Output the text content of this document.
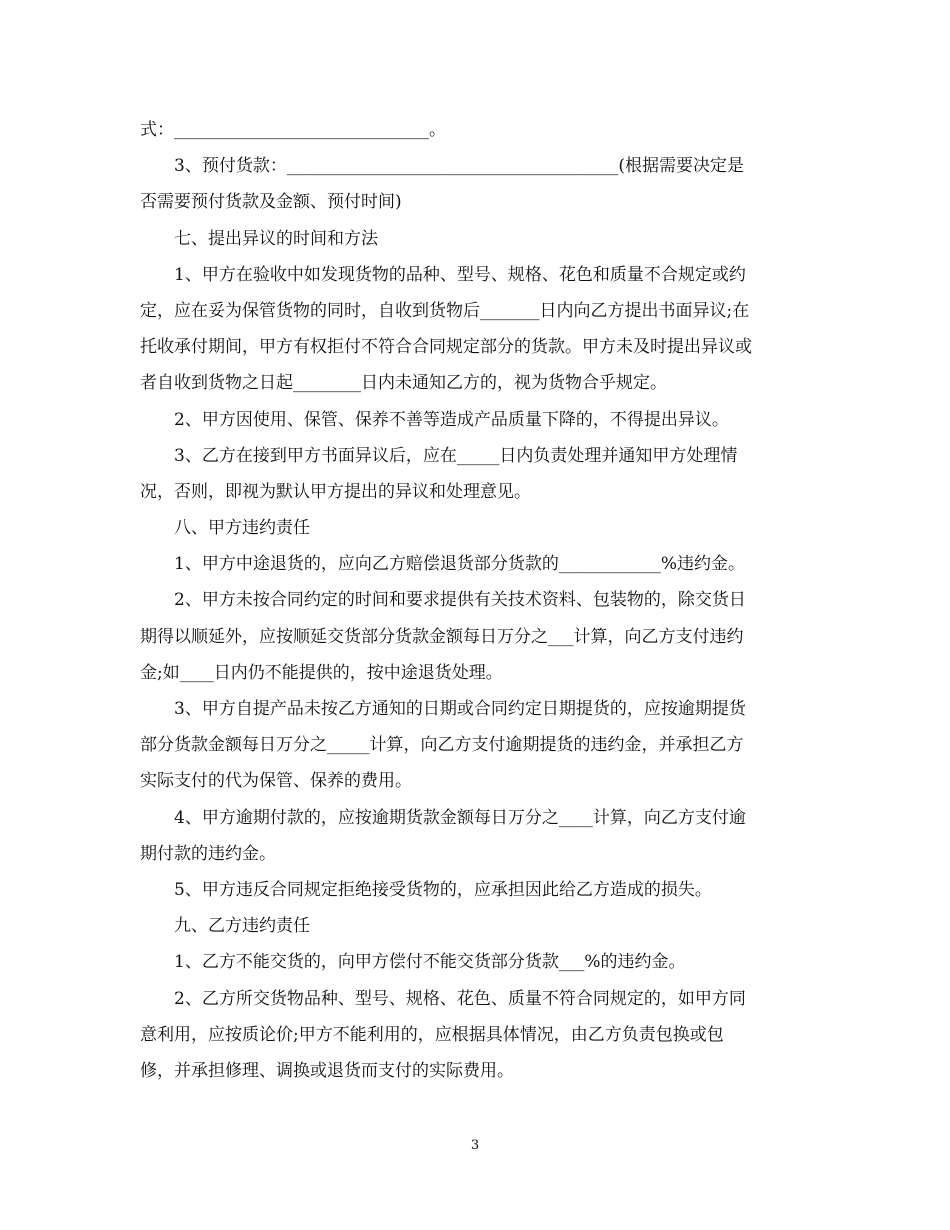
式：______________________________。
3、预付货款：_______________________________________(根据需要决定是
否需要预付货款及金额、预付时间)
七、提出异议的时间和方法
1、甲方在验收中如发现货物的品种、型号、规格、花色和质量不合规定或约
定，应在妥为保管货物的同时，自收到货物后_______日内向乙方提出书面异议;在
托收承付期间，甲方有权拒付不符合合同规定部分的货款。甲方未及时提出异议或
者自收到货物之日起________日内未通知乙方的，视为货物合乎规定。
2、甲方因使用、保管、保养不善等造成产品质量下降的，不得提出异议。
3、乙方在接到甲方书面异议后，应在_____日内负责处理并通知甲方处理情
况，否则，即视为默认甲方提出的异议和处理意见。
八、甲方违约责任
1、甲方中途退货的，应向乙方赔偿退货部分货款的____________%违约金。
2、甲方未按合同约定的时间和要求提供有关技术资料、包装物的，除交货日
期得以顺延外，应按顺延交货部分货款金额每日万分之___计算，向乙方支付违约
金;如____日内仍不能提供的，按中途退货处理。
3、甲方自提产品未按乙方通知的日期或合同约定日期提货的，应按逾期提货
部分货款金额每日万分之_____计算，向乙方支付逾期提货的违约金，并承担乙方
实际支付的代为保管、保养的费用。
4、甲方逾期付款的，应按逾期货款金额每日万分之____计算，向乙方支付逾
期付款的违约金。
5、甲方违反合同规定拒绝接受货物的，应承担因此给乙方造成的损失。
九、乙方违约责任
1、乙方不能交货的，向甲方偿付不能交货部分货款___%的违约金。
2、乙方所交货物品种、型号、规格、花色、质量不符合同规定的，如甲方同
意利用，应按质论价;甲方不能利用的，应根据具体情况，由乙方负责包换或包
修，并承担修理、调换或退货而支付的实际费用。
3
